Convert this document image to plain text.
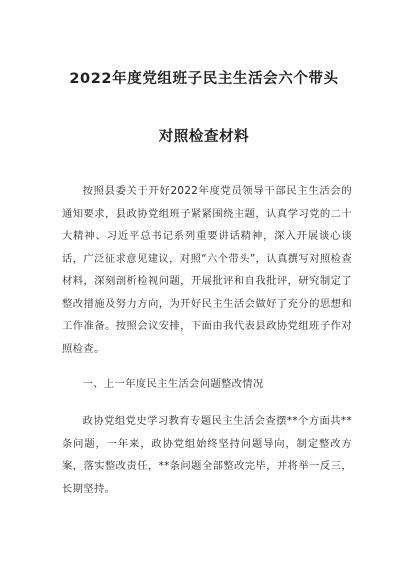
2022年度党组班子民主生活会六个带头
对照检查材料

按照县委关于开好2022年度党员领导干部民主生活会的通知要求，县政协党组班子紧紧围绕主题，认真学习党的二十大精神、习近平总书记系列重要讲话精神，深入开展谈心谈话，广泛征求意见建议，对照“六个带头”，认真撰写对照检查材料，深刻剖析检视问题，开展批评和自我批评，研究制定了整改措施及努力方向，为开好民主生活会做好了充分的思想和工作准备。按照会议安排，下面由我代表县政协党组班子作对照检查。

一、上一年度民主生活会问题整改情况

政协党组党史学习教育专题民主生活会查摆**个方面共**条问题，一年来，政协党组始终坚持问题导向，制定整改方案，落实整改责任，**条问题全部整改完毕，并将举一反三，长期坚持。
